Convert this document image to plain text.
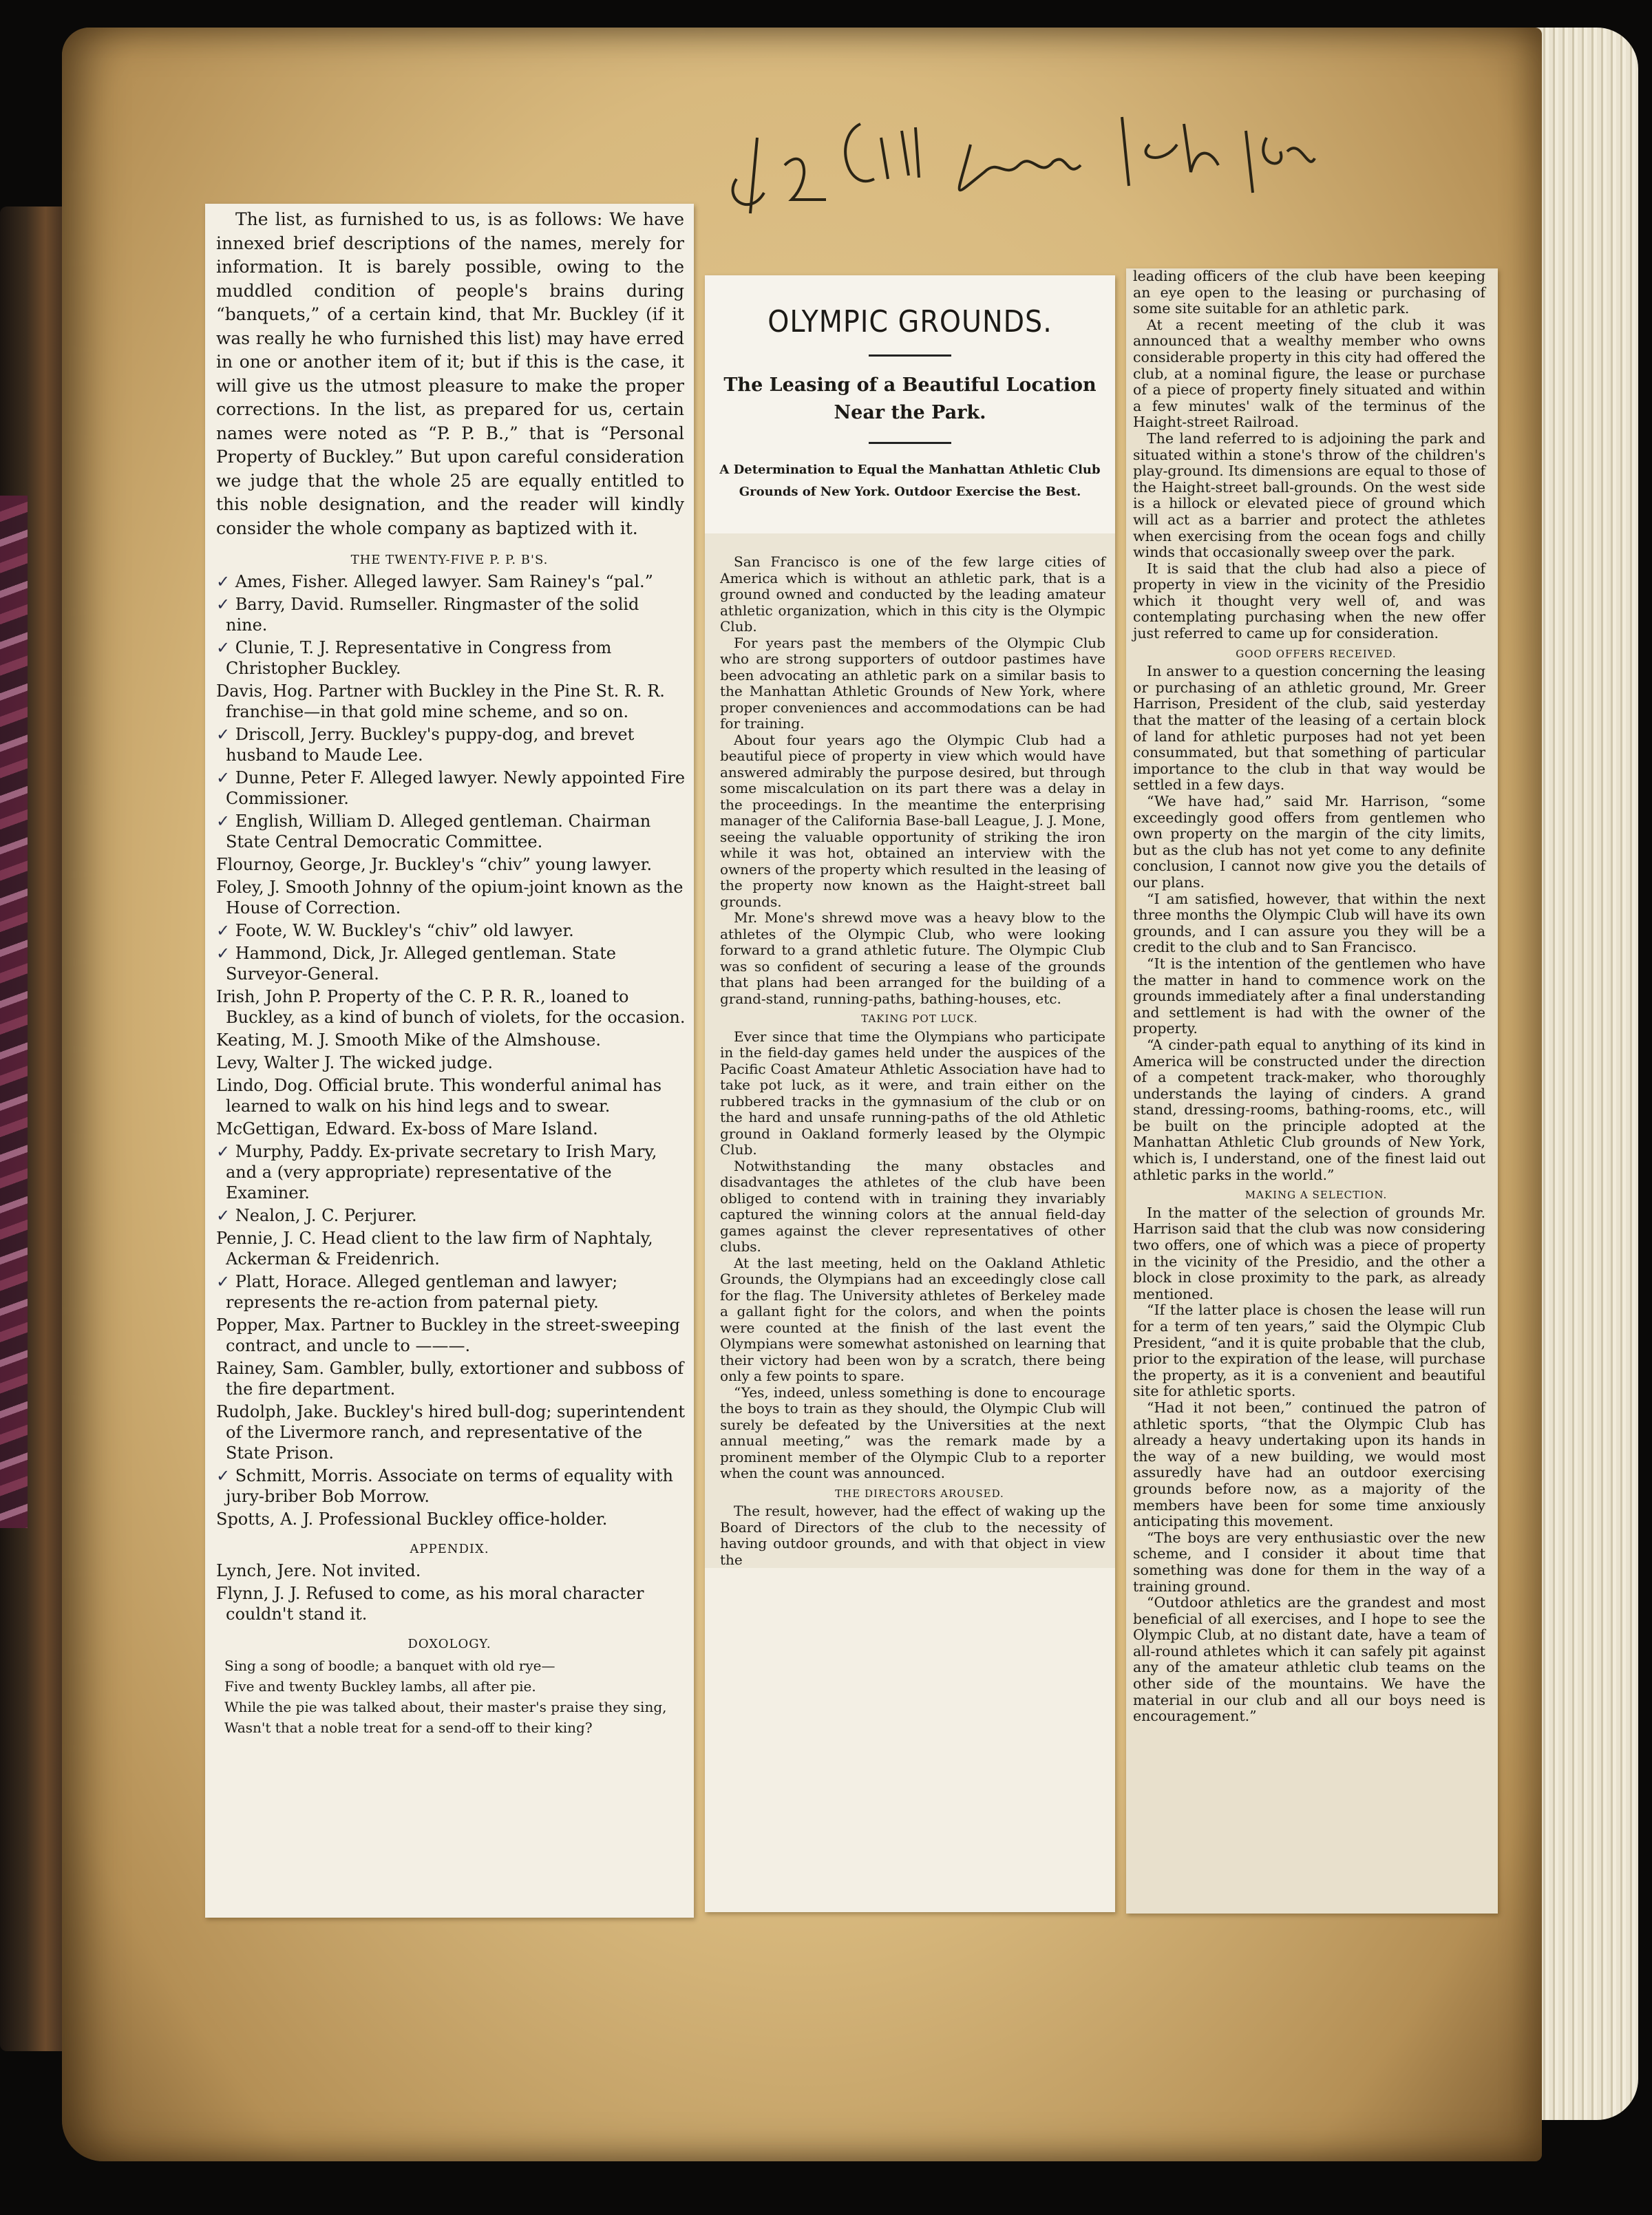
S. F. Call. June 13th 189

The list, as furnished to us, is as follows: We have innexed brief descriptions of the names, merely for information. It is barely possible, owing to the muddled condition of people's brains during “banquets,” of a certain kind, that Mr. Buckley (if it was really he who furnished this list) may have erred in one or another item of it; but if this is the case, it will give us the utmost pleasure to make the proper corrections. In the list, as prepared for us, certain names were noted as “P. P. B.,” that is “Personal Property of Buckley.” But upon careful consideration we judge that the whole 25 are equally entitled to this noble designation, and the reader will kindly consider the whole company as baptized with it.

THE TWENTY-FIVE P. P. B'S.

✓ Ames, Fisher. Alleged lawyer. Sam Rainey's “pal.”

✓ Barry, David. Rumseller. Ringmaster of the solid nine.

✓ Clunie, T. J. Representative in Congress from Christopher Buckley.

Davis, Hog. Partner with Buckley in the Pine St. R. R. franchise—in that gold mine scheme, and so on.

✓ Driscoll, Jerry. Buckley's puppy-dog, and brevet husband to Maude Lee.

✓ Dunne, Peter F. Alleged lawyer. Newly appointed Fire Commissioner.

✓ English, William D. Alleged gentleman. Chairman State Central Democratic Committee.

Flournoy, George, Jr. Buckley's “chiv” young lawyer.

Foley, J. Smooth Johnny of the opium-joint known as the House of Correction.

✓ Foote, W. W. Buckley's “chiv” old lawyer.

✓ Hammond, Dick, Jr. Alleged gentleman. State Surveyor-General.

Irish, John P. Property of the C. P. R. R., loaned to Buckley, as a kind of bunch of violets, for the occasion.

Keating, M. J. Smooth Mike of the Almshouse.

Levy, Walter J. The wicked judge.

Lindo, Dog. Official brute. This wonderful animal has learned to walk on his hind legs and to swear.

McGettigan, Edward. Ex-boss of Mare Island.

✓ Murphy, Paddy. Ex-private secretary to Irish Mary, and a (very appropriate) representative of the Examiner.

✓ Nealon, J. C. Perjurer.

Pennie, J. C. Head client to the law firm of Naphtaly, Ackerman & Freidenrich.

✓ Platt, Horace. Alleged gentleman and lawyer; represents the re-action from paternal piety.

Popper, Max. Partner to Buckley in the street-sweeping contract, and uncle to ———.

Rainey, Sam. Gambler, bully, extortioner and subboss of the fire department.

Rudolph, Jake. Buckley's hired bull-dog; superintendent of the Livermore ranch, and representative of the State Prison.

✓ Schmitt, Morris. Associate on terms of equality with jury-briber Bob Morrow.

Spotts, A. J. Professional Buckley office-holder.

APPENDIX.

Lynch, Jere. Not invited.

Flynn, J. J. Refused to come, as his moral character couldn't stand it.

DOXOLOGY.

Sing a song of boodle; a banquet with old rye—

Five and twenty Buckley lambs, all after pie.

While the pie was talked about, their master's praise they sing,

Wasn't that a noble treat for a send-off to their king?

OLYMPIC GROUNDS.

The Leasing of a Beautiful Location Near the Park.

A Determination to Equal the Manhattan Athletic Club Grounds of New York. Outdoor Exercise the Best.

San Francisco is one of the few large cities of America which is without an athletic park, that is a ground owned and conducted by the leading amateur athletic organization, which in this city is the Olympic Club.

For years past the members of the Olympic Club who are strong supporters of outdoor pastimes have been advocating an athletic park on a similar basis to the Manhattan Athletic Grounds of New York, where proper conveniences and accommodations can be had for training.

About four years ago the Olympic Club had a beautiful piece of property in view which would have answered admirably the purpose desired, but through some miscalculation on its part there was a delay in the proceedings. In the meantime the enterprising manager of the California Base-ball League, J. J. Mone, seeing the valuable opportunity of striking the iron while it was hot, obtained an interview with the owners of the property which resulted in the leasing of the property now known as the Haight-street ball grounds.

Mr. Mone's shrewd move was a heavy blow to the athletes of the Olympic Club, who were looking forward to a grand athletic future. The Olympic Club was so confident of securing a lease of the grounds that plans had been arranged for the building of a grand-stand, running-paths, bathing-houses, etc.

TAKING POT LUCK.

Ever since that time the Olympians who participate in the field-day games held under the auspices of the Pacific Coast Amateur Athletic Association have had to take pot luck, as it were, and train either on the rubbered tracks in the gymnasium of the club or on the hard and unsafe running-paths of the old Athletic ground in Oakland formerly leased by the Olympic Club.

Notwithstanding the many obstacles and disadvantages the athletes of the club have been obliged to contend with in training they invariably captured the winning colors at the annual field-day games against the clever representatives of other clubs.

At the last meeting, held on the Oakland Athletic Grounds, the Olympians had an exceedingly close call for the flag. The University athletes of Berkeley made a gallant fight for the colors, and when the points were counted at the finish of the last event the Olympians were somewhat astonished on learning that their victory had been won by a scratch, there being only a few points to spare.

“Yes, indeed, unless something is done to encourage the boys to train as they should, the Olympic Club will surely be defeated by the Universities at the next annual meeting,” was the remark made by a prominent member of the Olympic Club to a reporter when the count was announced.

THE DIRECTORS AROUSED.

The result, however, had the effect of waking up the Board of Directors of the club to the necessity of having outdoor grounds, and with that object in view the

leading officers of the club have been keeping an eye open to the leasing or purchasing of some site suitable for an athletic park.

At a recent meeting of the club it was announced that a wealthy member who owns considerable property in this city had offered the club, at a nominal figure, the lease or purchase of a piece of property finely situated and within a few minutes' walk of the terminus of the Haight-street Railroad.

The land referred to is adjoining the park and situated within a stone's throw of the children's play-ground. Its dimensions are equal to those of the Haight-street ball-grounds. On the west side is a hillock or elevated piece of ground which will act as a barrier and protect the athletes when exercising from the ocean fogs and chilly winds that occasionally sweep over the park.

It is said that the club had also a piece of property in view in the vicinity of the Presidio which it thought very well of, and was contemplating purchasing when the new offer just referred to came up for consideration.

GOOD OFFERS RECEIVED.

In answer to a question concerning the leasing or purchasing of an athletic ground, Mr. Greer Harrison, President of the club, said yesterday that the matter of the leasing of a certain block of land for athletic purposes had not yet been consummated, but that something of particular importance to the club in that way would be settled in a few days.

“We have had,” said Mr. Harrison, “some exceedingly good offers from gentlemen who own property on the margin of the city limits, but as the club has not yet come to any definite conclusion, I cannot now give you the details of our plans.

“I am satisfied, however, that within the next three months the Olympic Club will have its own grounds, and I can assure you they will be a credit to the club and to San Francisco.

“It is the intention of the gentlemen who have the matter in hand to commence work on the grounds immediately after a final understanding and settlement is had with the owner of the property.

“A cinder-path equal to anything of its kind in America will be constructed under the direction of a competent track-maker, who thoroughly understands the laying of cinders. A grand stand, dressing-rooms, bathing-rooms, etc., will be built on the principle adopted at the Manhattan Athletic Club grounds of New York, which is, I understand, one of the finest laid out athletic parks in the world.”

MAKING A SELECTION.

In the matter of the selection of grounds Mr. Harrison said that the club was now considering two offers, one of which was a piece of property in the vicinity of the Presidio, and the other a block in close proximity to the park, as already mentioned.

“If the latter place is chosen the lease will run for a term of ten years,” said the Olympic Club President, “and it is quite probable that the club, prior to the expiration of the lease, will purchase the property, as it is a convenient and beautiful site for athletic sports.

“Had it not been,” continued the patron of athletic sports, “that the Olympic Club has already a heavy undertaking upon its hands in the way of a new building, we would most assuredly have had an outdoor exercising grounds before now, as a majority of the members have been for some time anxiously anticipating this movement.

“The boys are very enthusiastic over the new scheme, and I consider it about time that something was done for them in the way of a training ground.

“Outdoor athletics are the grandest and most beneficial of all exercises, and I hope to see the Olympic Club, at no distant date, have a team of all-round athletes which it can safely pit against any of the amateur athletic club teams on the other side of the mountains. We have the material in our club and all our boys need is encouragement.”
